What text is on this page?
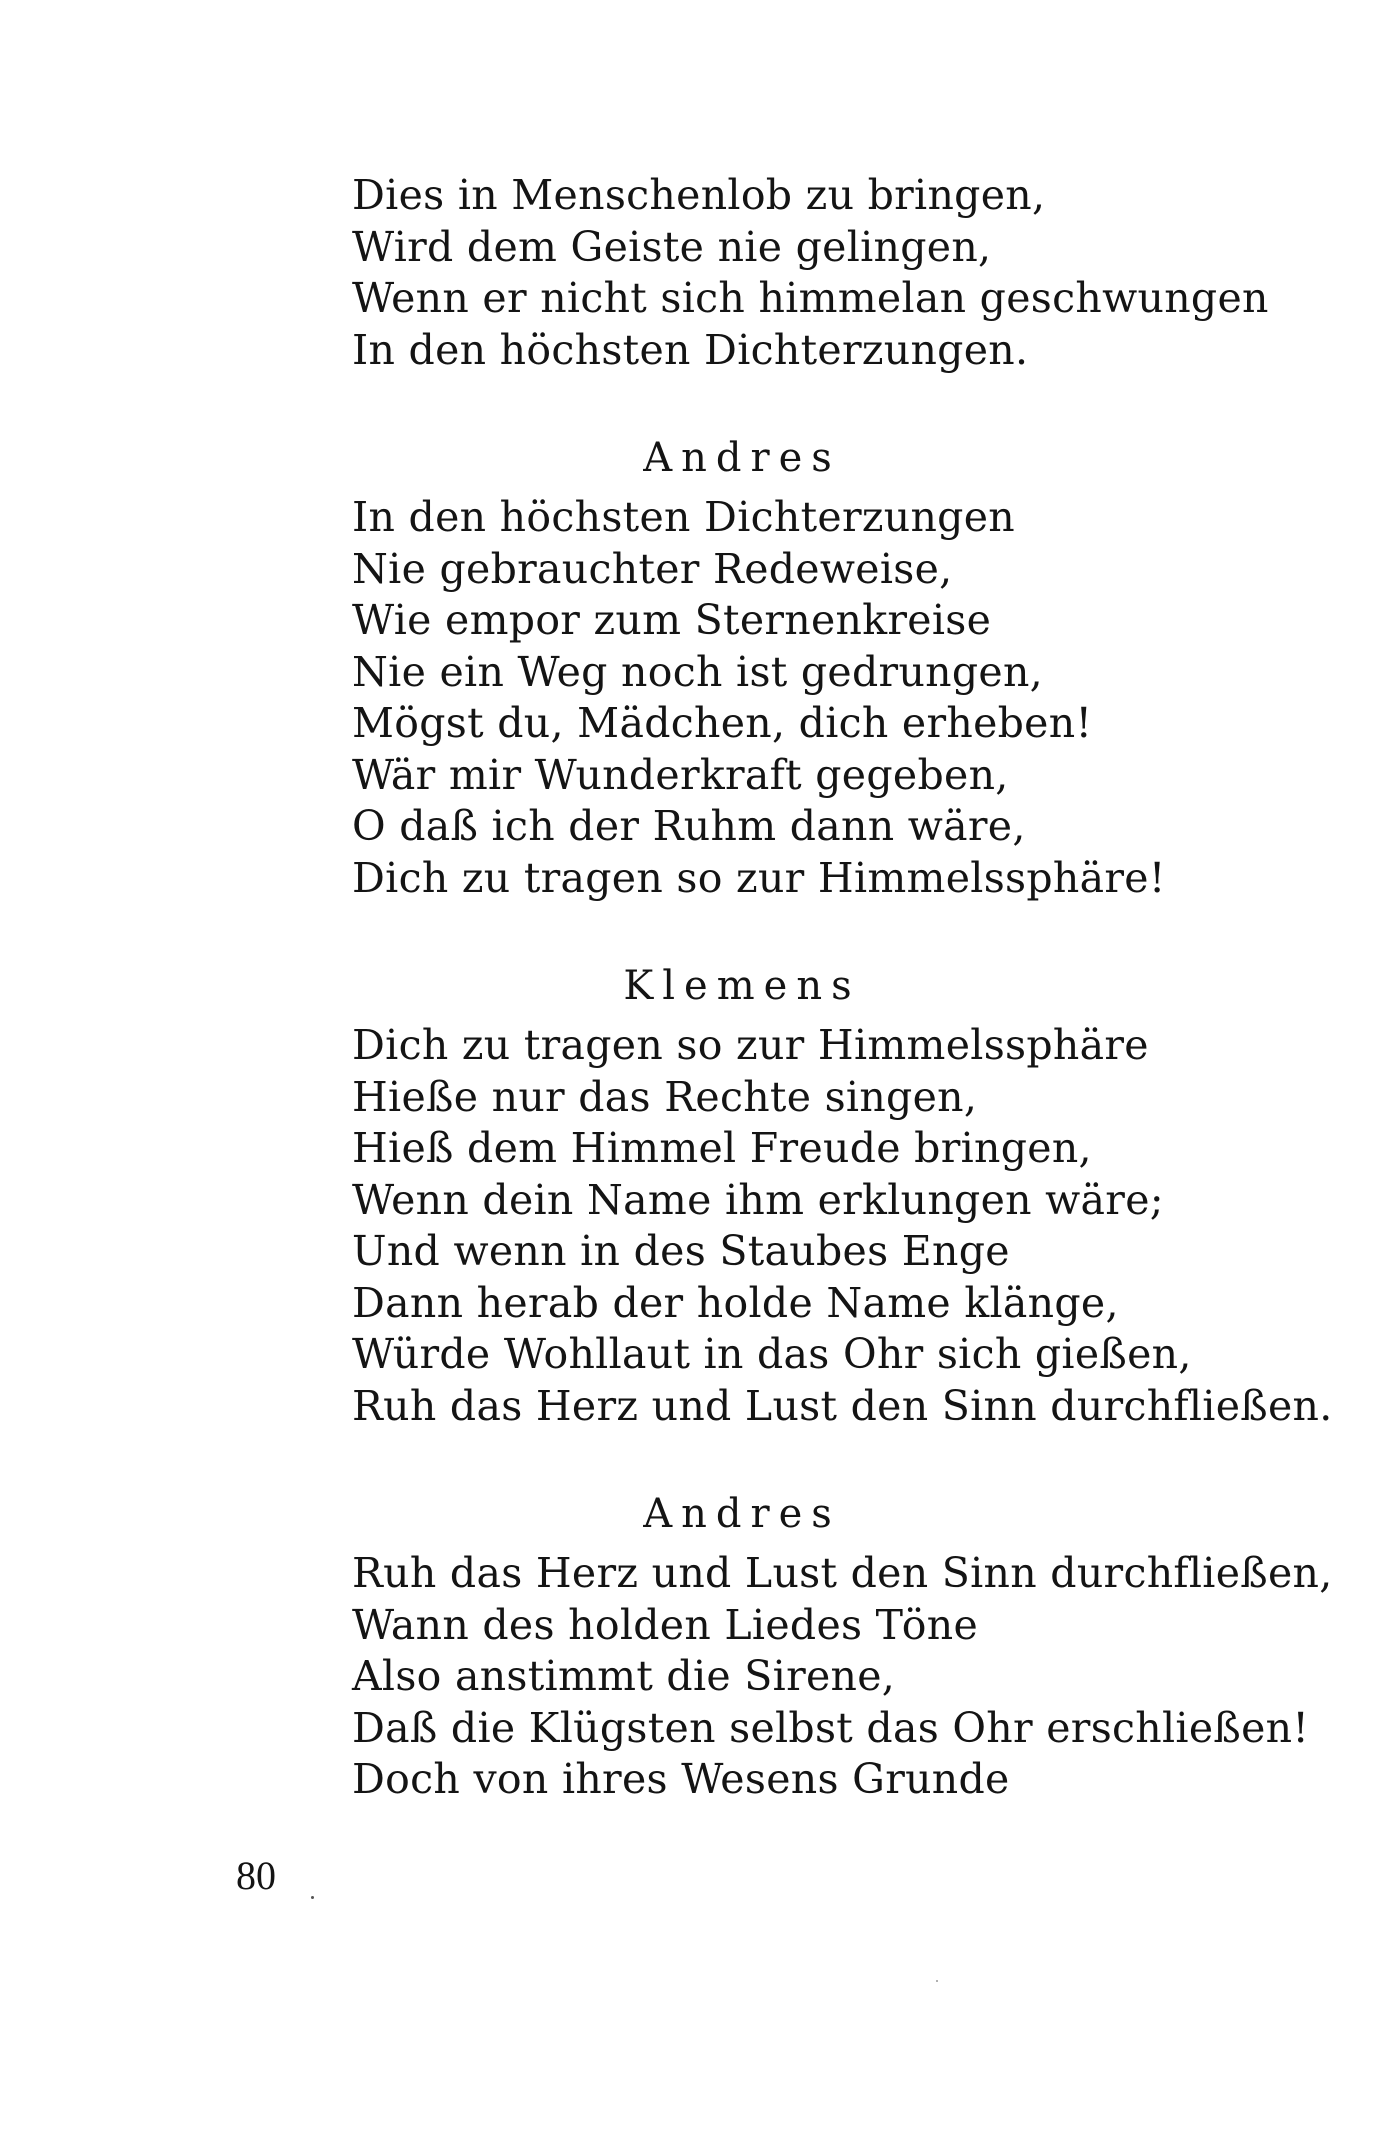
Dies in Menschenlob zu bringen,
Wird dem Geiste nie gelingen,
Wenn er nicht sich himmelan geschwungen
In den höchsten Dichterzungen.
Andres
In den höchsten Dichterzungen
Nie gebrauchter Redeweise,
Wie empor zum Sternenkreise
Nie ein Weg noch ist gedrungen,
Mögst du, Mädchen, dich erheben!
Wär mir Wunderkraft gegeben,
O daß ich der Ruhm dann wäre,
Dich zu tragen so zur Himmelssphäre!
Klemens
Dich zu tragen so zur Himmelssphäre
Hieße nur das Rechte singen,
Hieß dem Himmel Freude bringen,
Wenn dein Name ihm erklungen wäre;
Und wenn in des Staubes Enge
Dann herab der holde Name klänge,
Würde Wohllaut in das Ohr sich gießen,
Ruh das Herz und Lust den Sinn durchfließen.
Andres
Ruh das Herz und Lust den Sinn durchfließen,
Wann des holden Liedes Töne
Also anstimmt die Sirene,
Daß die Klügsten selbst das Ohr erschließen!
Doch von ihres Wesens Grunde
80
